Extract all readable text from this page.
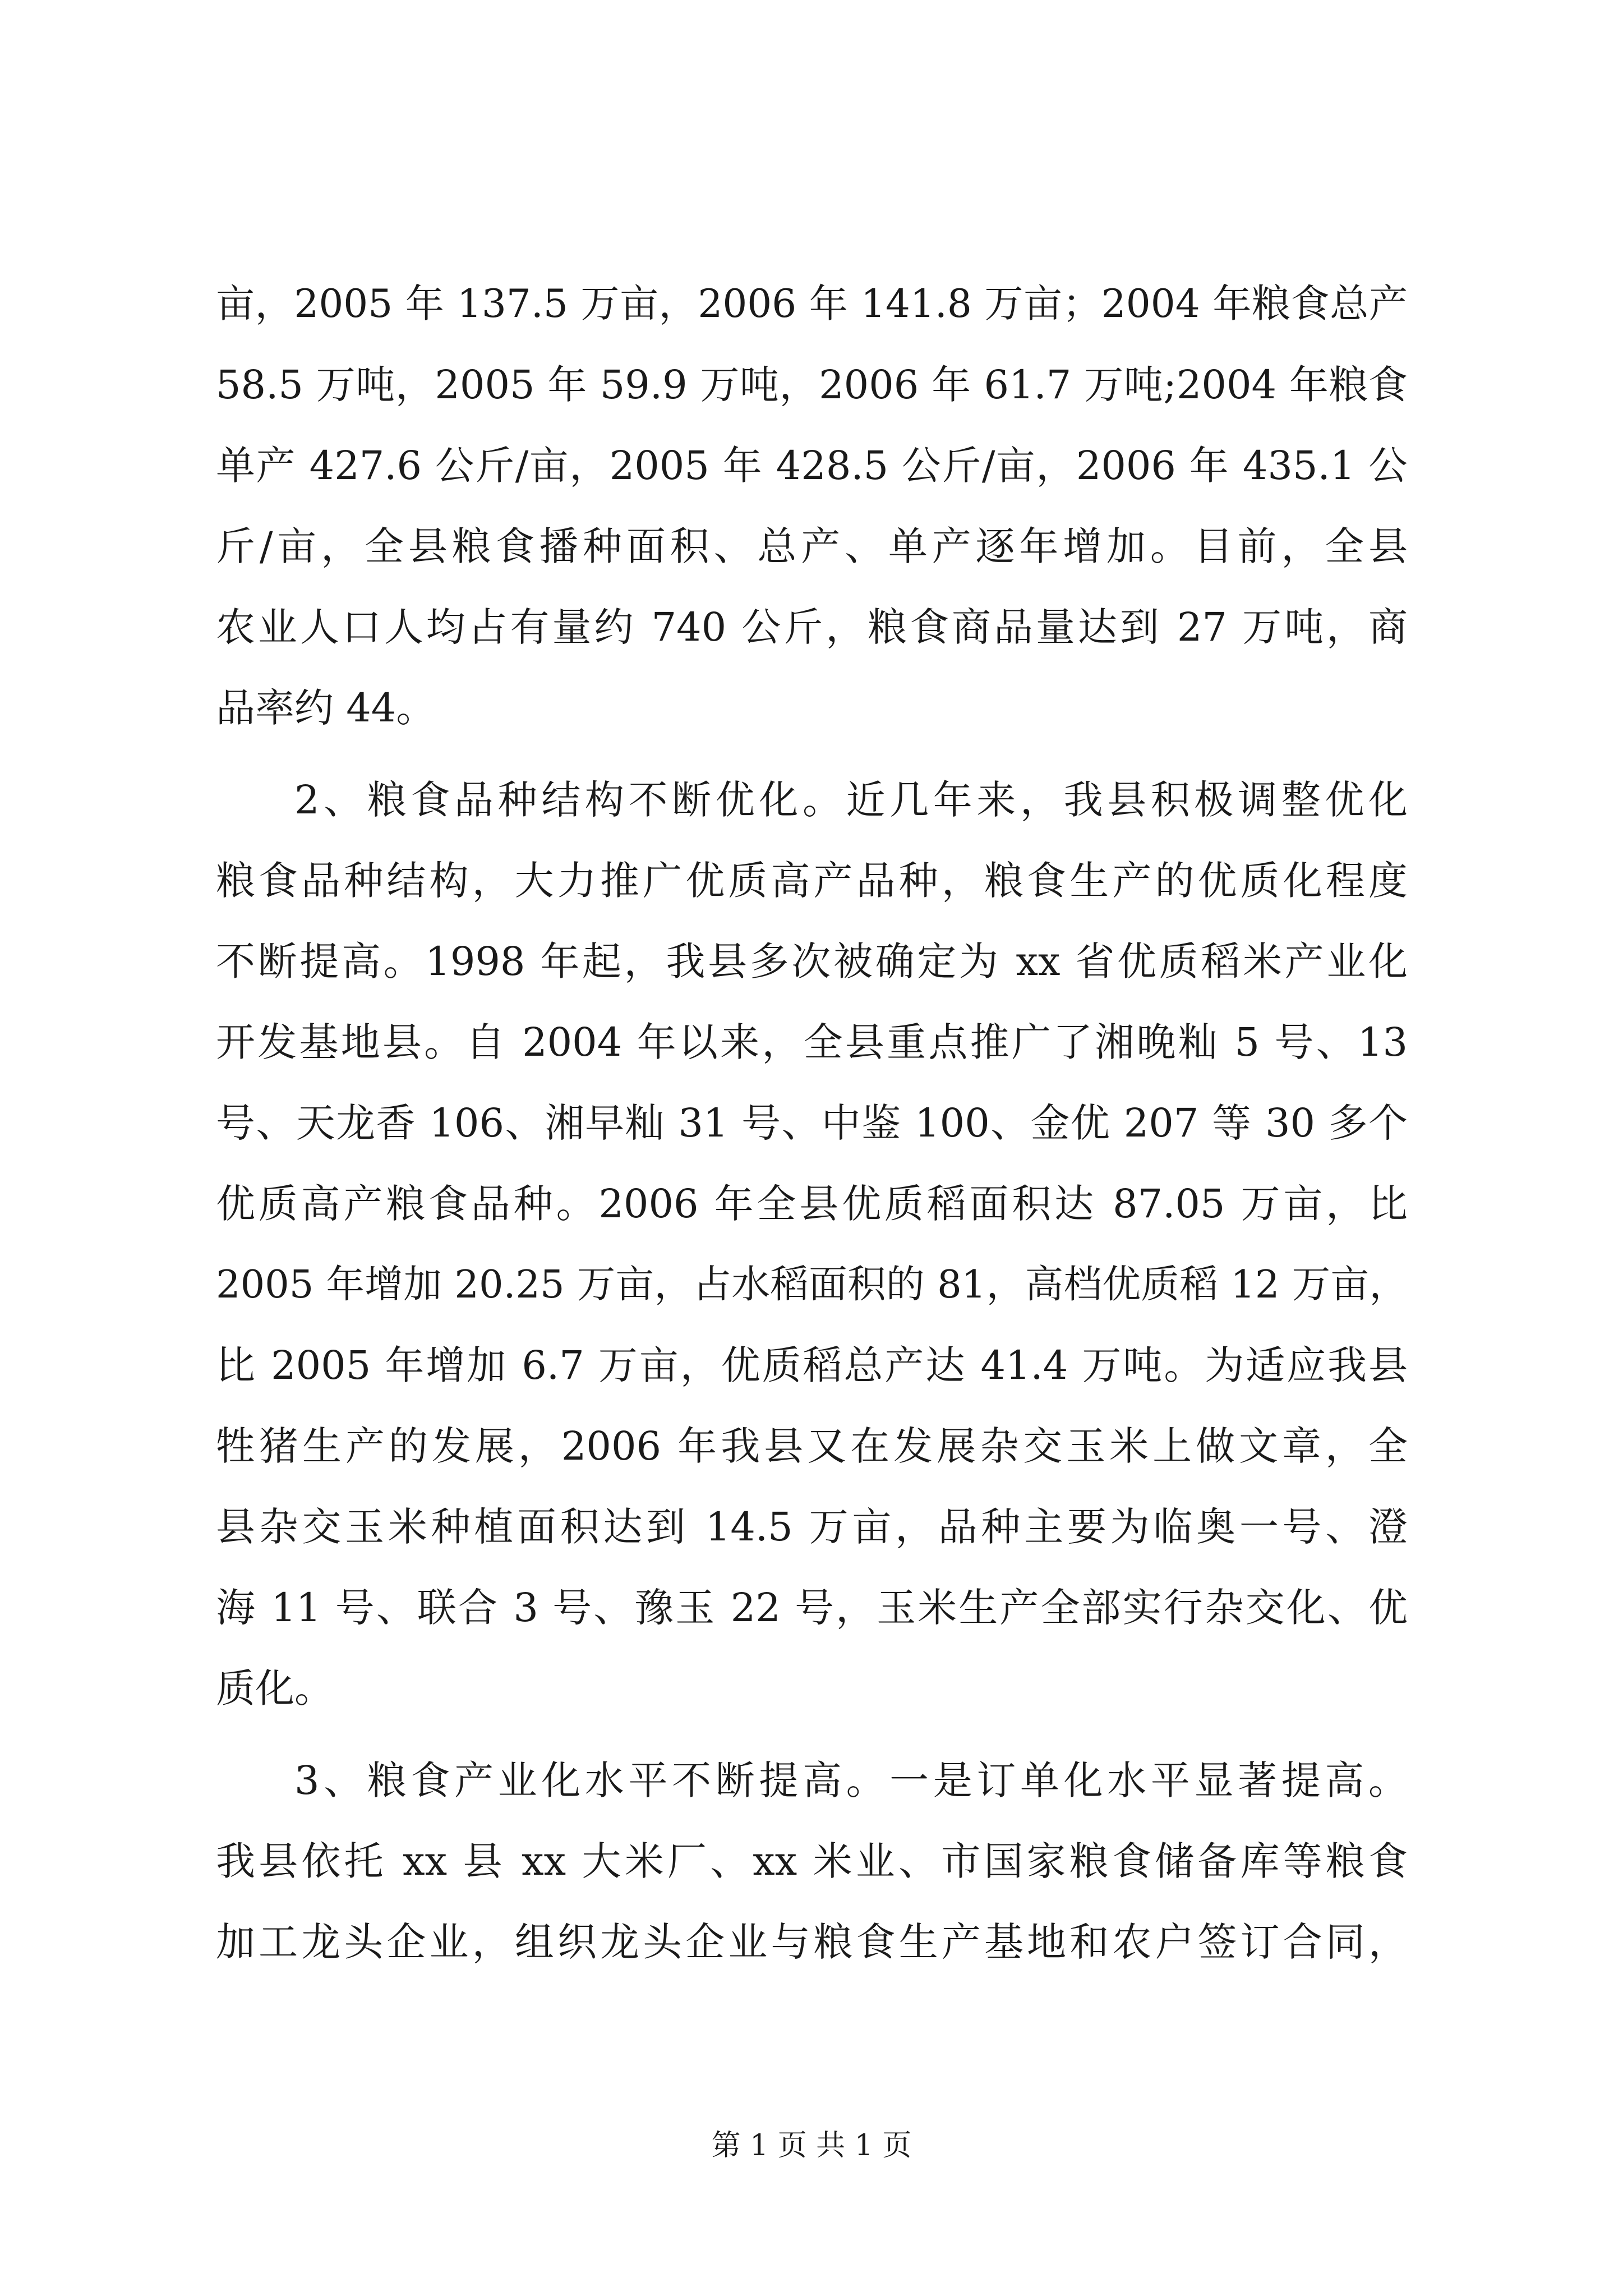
亩，2005 年 137.5 万亩，2006 年 141.8 万亩；2004 年粮食总产
58.5 万吨，2005 年 59.9 万吨，2006 年 61.7 万吨;2004 年粮食
单产 427.6 公斤/亩，2005 年 428.5 公斤/亩，2006 年 435.1 公
斤/亩，全县粮食播种面积、总产、单产逐年增加。目前，全县
农业人口人均占有量约 740 公斤，粮食商品量达到 27 万吨，商
品率约 44。
2、粮食品种结构不断优化。近几年来，我县积极调整优化
粮食品种结构，大力推广优质高产品种，粮食生产的优质化程度
不断提高。1998 年起，我县多次被确定为 xx 省优质稻米产业化
开发基地县。自 2004 年以来，全县重点推广了湘晚籼 5 号、13
号、天龙香 106、湘早籼 31 号、中鉴 100、金优 207 等 30 多个
优质高产粮食品种。2006 年全县优质稻面积达 87.05 万亩，比
2005 年增加 20.25 万亩，占水稻面积的 81，高档优质稻 12 万亩，
比 2005 年增加 6.7 万亩，优质稻总产达 41.4 万吨。为适应我县
牲猪生产的发展，2006 年我县又在发展杂交玉米上做文章，全
县杂交玉米种植面积达到 14.5 万亩，品种主要为临奥一号、澄
海 11 号、联合 3 号、豫玉 22 号，玉米生产全部实行杂交化、优
质化。
3、粮食产业化水平不断提高。一是订单化水平显著提高。
我县依托 xx 县 xx 大米厂、xx 米业、市国家粮食储备库等粮食
加工龙头企业，组织龙头企业与粮食生产基地和农户签订合同，
第 1 页 共 1 页
